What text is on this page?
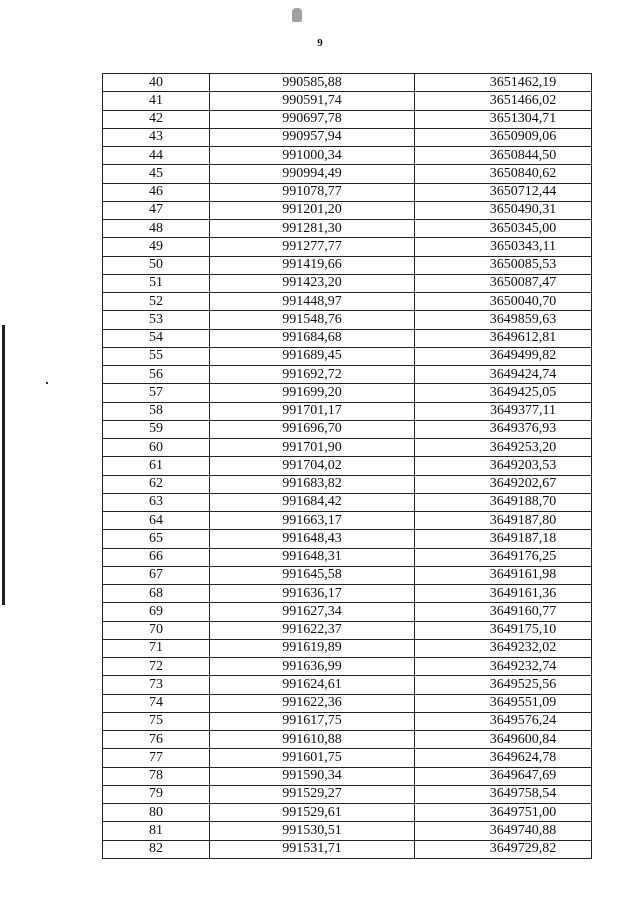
9
40	990585,88	3651462,19
41	990591,74	3651466,02
42	990697,78	3651304,71
43	990957,94	3650909,06
44	991000,34	3650844,50
45	990994,49	3650840,62
46	991078,77	3650712,44
47	991201,20	3650490,31
48	991281,30	3650345,00
49	991277,77	3650343,11
50	991419,66	3650085,53
51	991423,20	3650087,47
52	991448,97	3650040,70
53	991548,76	3649859,63
54	991684,68	3649612,81
55	991689,45	3649499,82
56	991692,72	3649424,74
57	991699,20	3649425,05
58	991701,17	3649377,11
59	991696,70	3649376,93
60	991701,90	3649253,20
61	991704,02	3649203,53
62	991683,82	3649202,67
63	991684,42	3649188,70
64	991663,17	3649187,80
65	991648,43	3649187,18
66	991648,31	3649176,25
67	991645,58	3649161,98
68	991636,17	3649161,36
69	991627,34	3649160,77
70	991622,37	3649175,10
71	991619,89	3649232,02
72	991636,99	3649232,74
73	991624,61	3649525,56
74	991622,36	3649551,09
75	991617,75	3649576,24
76	991610,88	3649600,84
77	991601,75	3649624,78
78	991590,34	3649647,69
79	991529,27	3649758,54
80	991529,61	3649751,00
81	991530,51	3649740,88
82	991531,71	3649729,82
